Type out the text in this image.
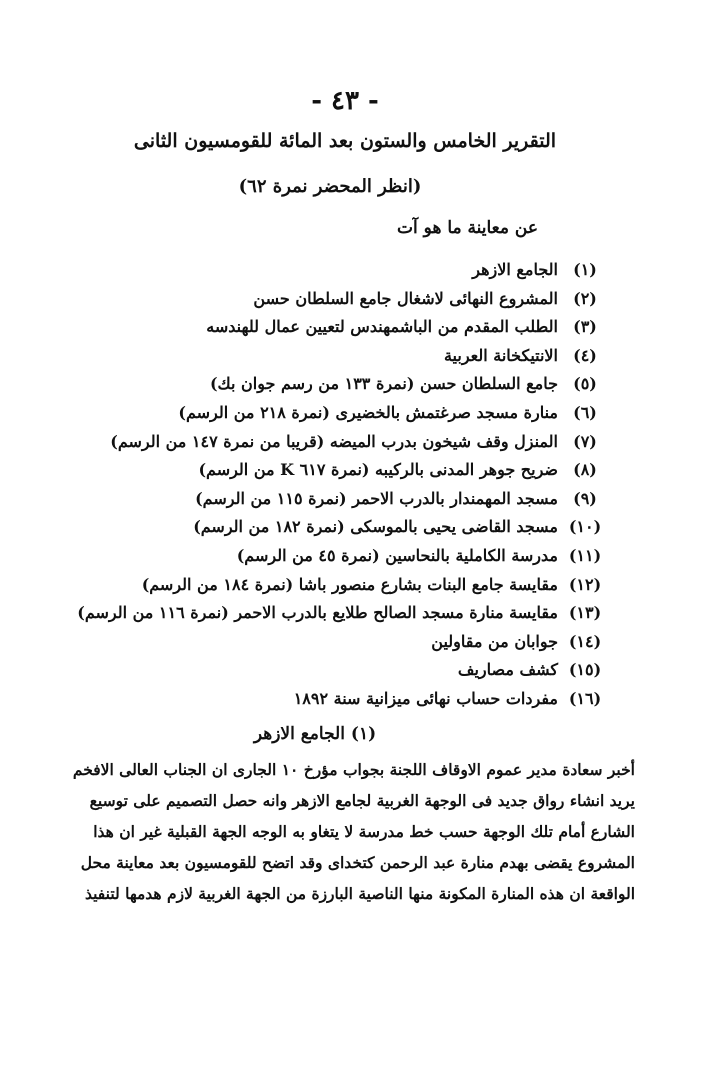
- ٤٣ -
التقرير الخامس والستون بعد المائة للقومسيون الثانى
(انظر المحضر نمرة ٦٢)
عن معاينة ما هو آت
(١)
الجامع الازهر
(٢)
المشروع النهائى لاشغال جامع السلطان حسن
(٣)
الطلب المقدم من الباشمهندس لتعيين عمال للهندسه
(٤)
الانتيكخانة العربية
(٥)
جامع السلطان حسن (نمرة ١٣٣ من رسم جوان بك)
(٦)
منارة مسجد صرغتمش بالخضيرى (نمرة ٢١٨ من الرسم)
(٧)
المنزل وقف شيخون بدرب الميضه (قريبا من نمرة ١٤٧ من الرسم)
(٨)
ضريح جوهر المدنى بالركيبه (نمرة ٦١٧ K من الرسم)
(٩)
مسجد المهمندار بالدرب الاحمر (نمرة ١١٥ من الرسم)
(١٠)
مسجد القاضى يحيى بالموسكى (نمرة ١٨٢ من الرسم)
(١١)
مدرسة الكاملية بالنحاسين (نمرة ٤٥ من الرسم)
(١٢)
مقايسة جامع البنات بشارع منصور باشا (نمرة ١٨٤ من الرسم)
(١٣)
مقايسة منارة مسجد الصالح طلايع بالدرب الاحمر (نمرة ١١٦ من الرسم)
(١٤)
جوابان من مقاولين
(١٥)
كشف مصاريف
(١٦)
مفردات حساب نهائى ميزانية سنة ١٨٩٢
(١) الجامع الازهر
أخبر سعادة مدير عموم الاوقاف اللجنة بجواب مؤرخ ١٠ الجارى ان الجناب العالى الافخم
يريد انشاء رواق جديد فى الوجهة الغربية لجامع الازهر وانه حصل التصميم على توسيع
الشارع أمام تلك الوجهة حسب خط مدرسة لا يتغاو به الوجه الجهة القبلية غير ان هذا
المشروع يقضى بهدم منارة عبد الرحمن كتخداى وقد اتضح للقومسيون بعد معاينة محل
الواقعة ان هذه المنارة المكونة منها الناصية البارزة من الجهة الغربية لازم هدمها لتنفيذ
